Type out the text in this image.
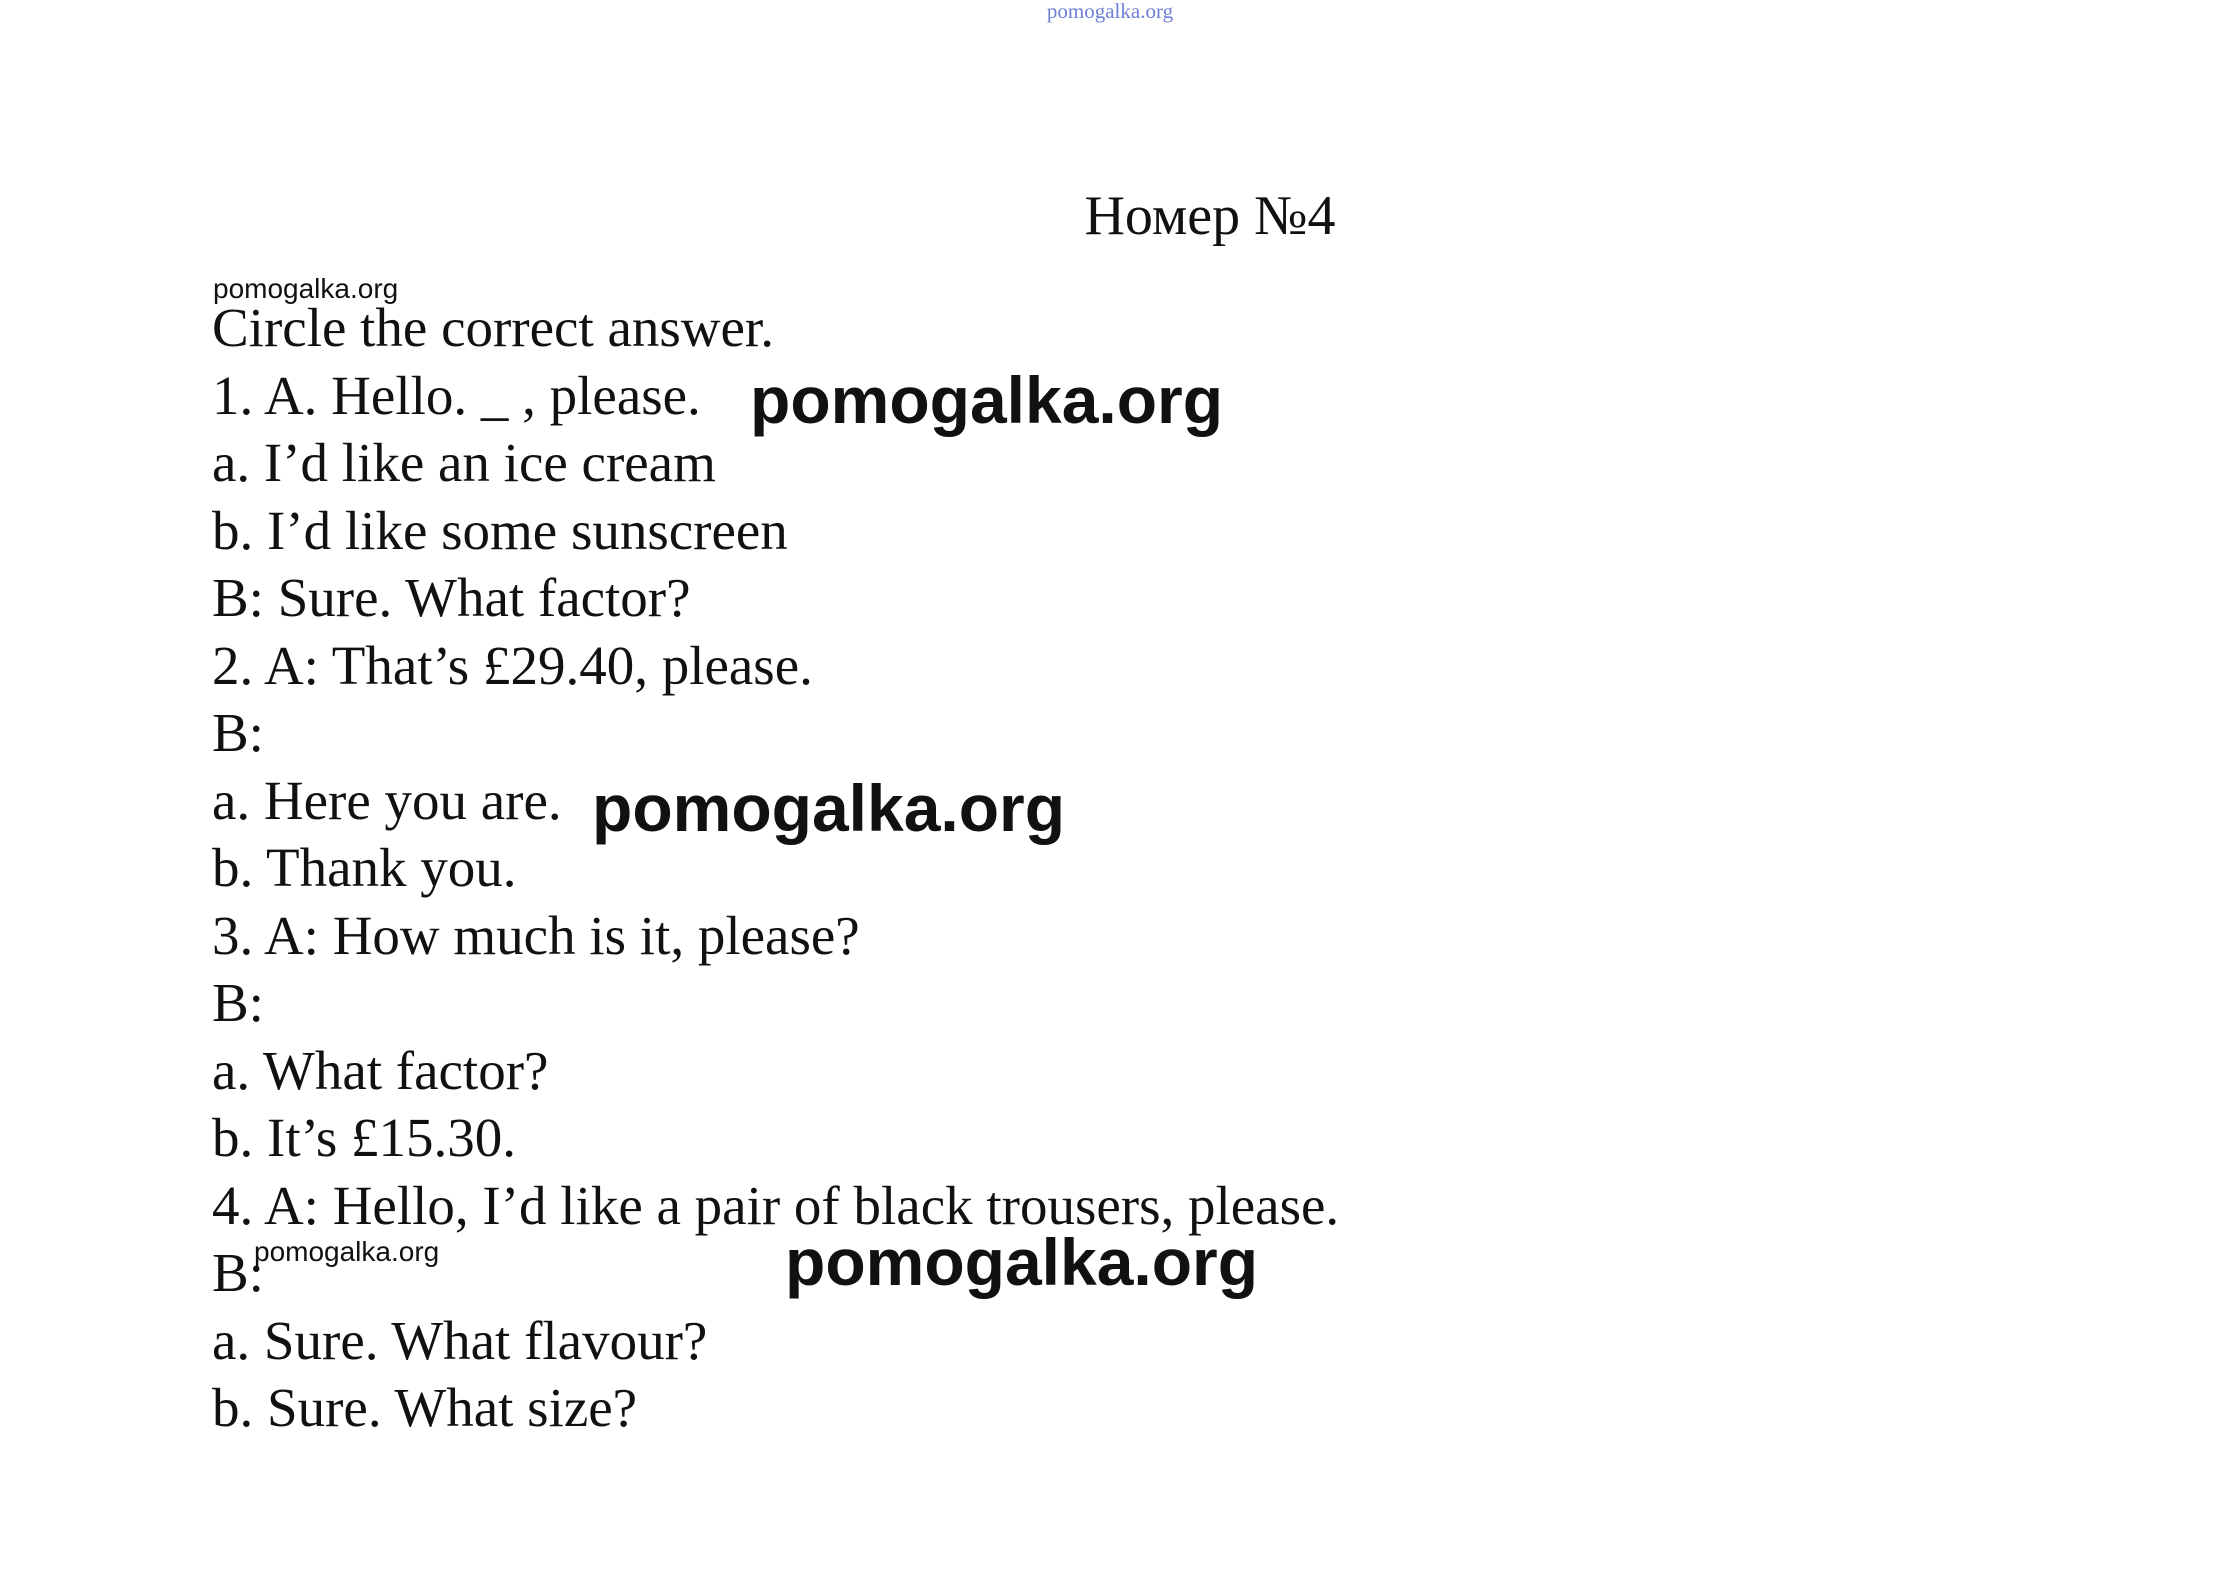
pomogalka.org
Номер №4
pomogalka.org
Circle the correct answer.
1. A. Hello. _ , please.
a. I’d like an ice cream
b. I’d like some sunscreen
B: Sure. What factor?
2. A: That’s £29.40, please.
B:
a. Here you are.
b. Thank you.
3. A: How much is it, please?
B:
a. What factor?
b. It’s £15.30.
4. A: Hello, I’d like a pair of black trousers, please.
B:
a. Sure. What flavour?
b. Sure. What size?
pomogalka.org
pomogalka.org
pomogalka.org
pomogalka.org
